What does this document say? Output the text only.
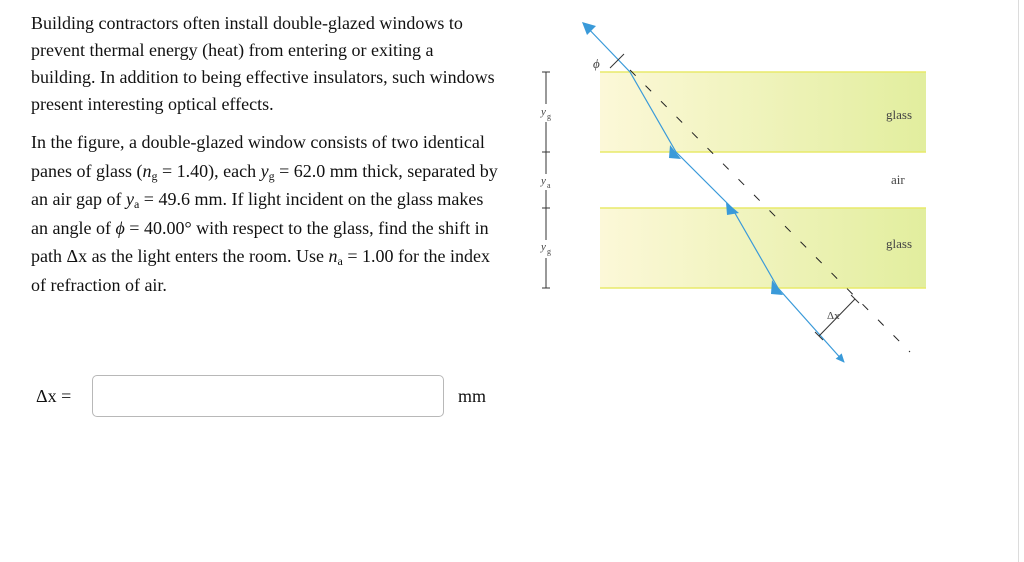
Building contractors often install double-glazed windows to prevent thermal energy (heat) from entering or exiting a building. In addition to being effective insulators, such windows present interesting optical effects.

In the figure, a double-glazed window consists of two identical panes of glass $(n_g = 1.40)$, each $y_g = 62.0$ mm thick, separated by an air gap of $y_a = 49.6$ mm. If light incident on the glass makes an angle of ϕ = 40.00° with respect to the glass, find the shift in path Δx as the light enters the room. Use $n_a = 1.00$ for the index of refraction of air.

Δx =	mm
y g
y a
y g
ϕ
Δx
glass
air
glass
